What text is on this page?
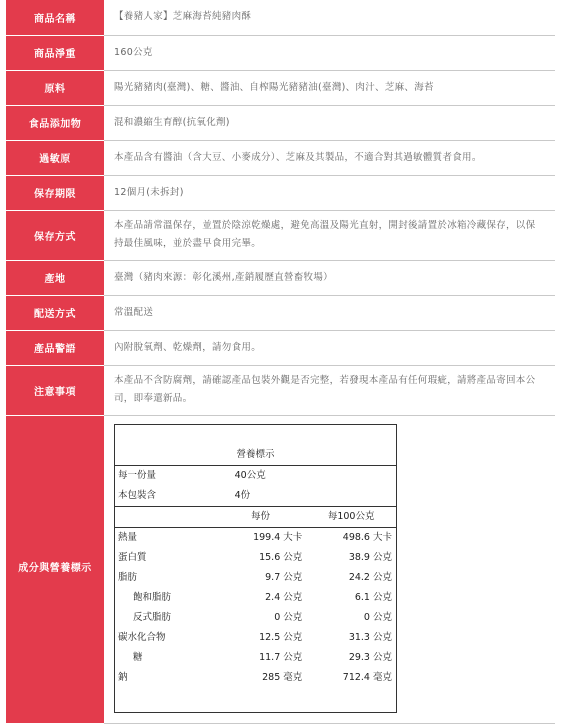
商品名稱	【養豬人家】芝麻海苔純豬肉酥
商品淨重	160公克
原料	陽光豬豬肉(臺灣)、糖、醬油、自榨陽光豬豬油(臺灣)、肉汁、芝麻、海苔
食品添加物	混和濃縮生育醇(抗氧化劑)
過敏原	本產品含有醬油（含大豆、小麥成分）、芝麻及其製品，不適合對其過敏體質者食用。
保存期限	12個月(未拆封)
保存方式	本產品請常溫保存，並置於陰涼乾燥處，避免高溫及陽光直射，開封後請置於冰箱冷藏保存，以保持最佳風味，並於盡早食用完畢。
產地	臺灣（豬肉來源：彰化溪州,產銷履歷直營畜牧場）
配送方式	常溫配送
產品警語	內附脫氧劑、乾燥劑，請勿食用。
注意事項	本產品不含防腐劑，請確認產品包裝外觀是否完整，若發現本產品有任何瑕疵，請將產品寄回本公司，即奉還新品。
成分與營養標示	

營養標示
每一份量	40公克
本包裝含	4份
	每份	每100公克
熱量	199.4 大卡	498.6 大卡
蛋白質	15.6 公克	38.9 公克
脂肪	9.7 公克	24.2 公克
飽和脂肪	2.4 公克	6.1 公克
反式脂肪	0 公克	0 公克
碳水化合物	12.5 公克	31.3 公克
糖	11.7 公克	29.3 公克
鈉	285 毫克	712.4 毫克
